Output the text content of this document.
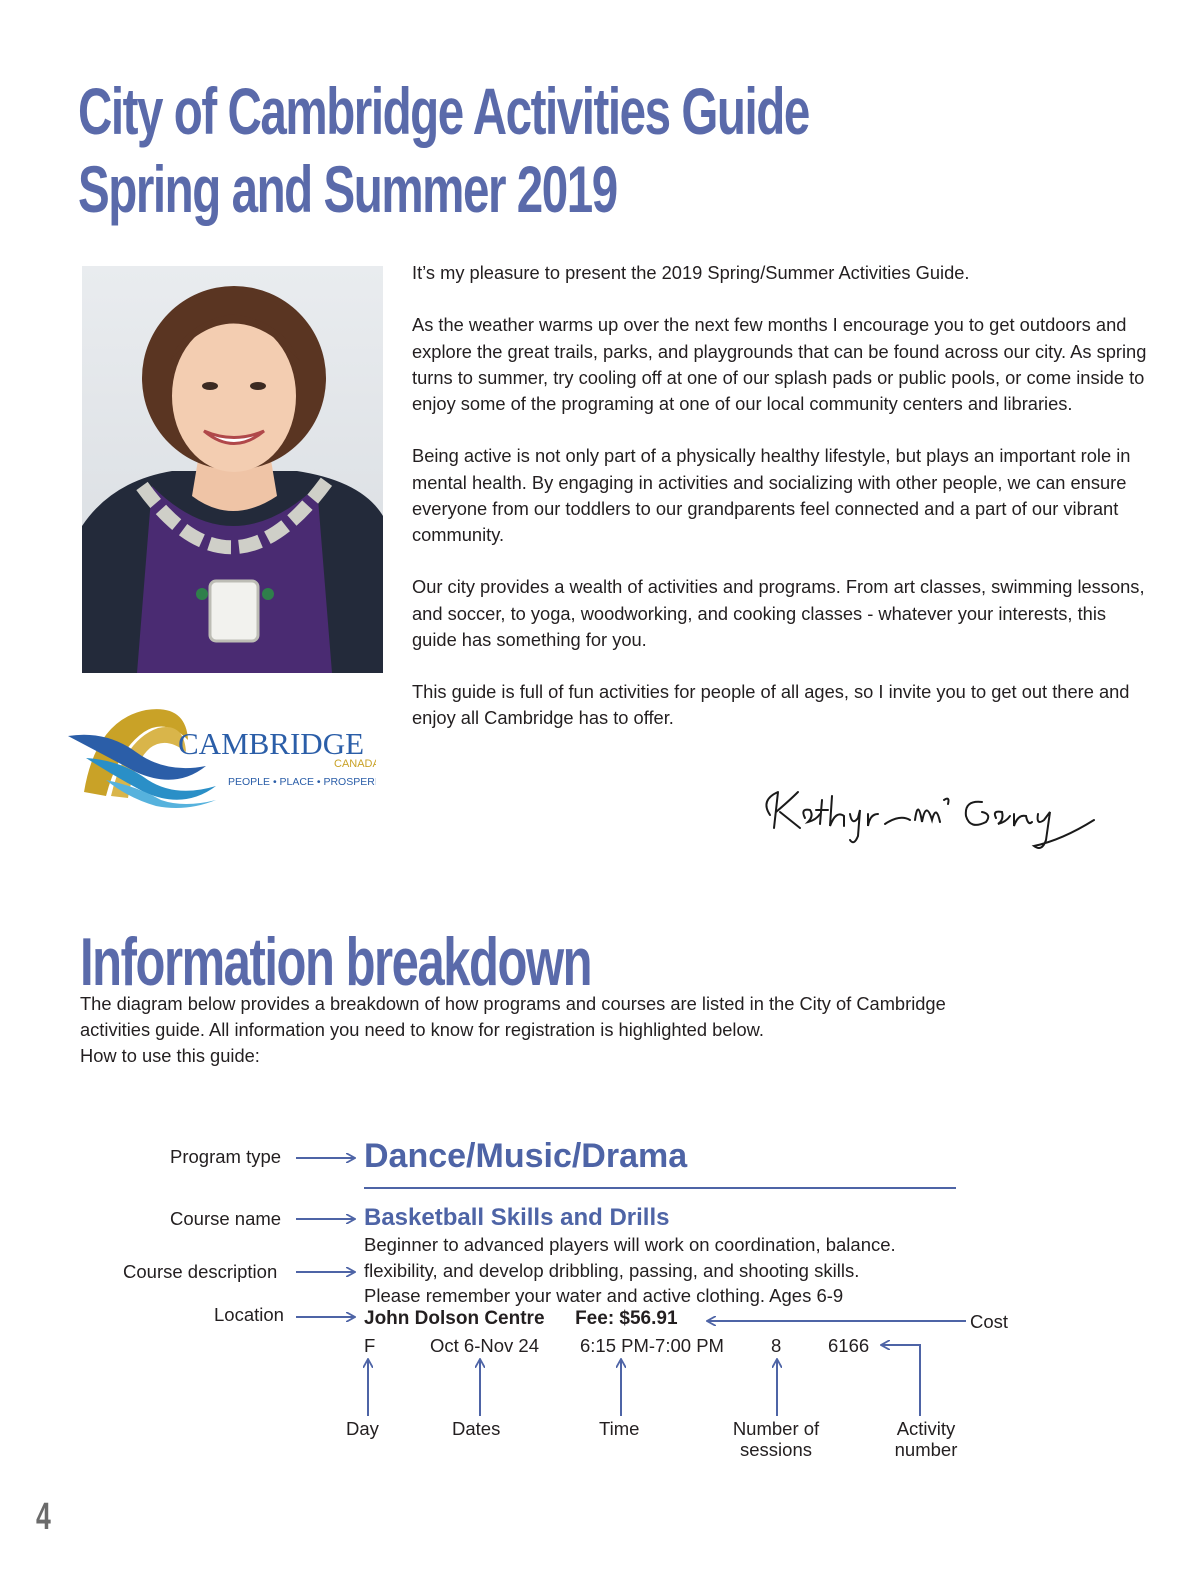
City of Cambridge Activities Guide
Spring and Summer 2019
CAMBRIDGE
CANADA
PEOPLE • PLACE • PROSPERITY

It’s my pleasure to present the 2019 Spring/Summer Activities Guide.

As the weather warms up over the next few months I encourage you to get outdoors and explore the great trails, parks, and playgrounds that can be found across our city. As spring turns to summer, try cooling off at one of our splash pads or public pools, or come inside to enjoy some of the programing at one of our local community centers and libraries.

Being active is not only part of a physically healthy lifestyle, but plays an important role in mental health. By engaging in activities and socializing with other people, we can ensure everyone from our toddlers to our grandparents feel connected and a part of our vibrant community.

Our city provides a wealth of activities and programs. From art classes, swimming lessons, and soccer, to yoga, woodworking, and cooking classes - whatever your interests, this guide has something for you.

This guide is full of fun activities for people of all ages, so I invite you to get out there and enjoy all Cambridge has to offer.

Information breakdown
The diagram below provides a breakdown of how programs and courses are listed in the City of Cambridge
activities guide. All information you need to know for registration is highlighted below.
How to use this guide:
Program type
Course name
Course description
Location	Cost
Day	Dates	Time	Number of
sessions
Activity
number
Dance/Music/Drama
Basketball Skills and Drills
Beginner to advanced players will work on coordination, balance.
flexibility, and develop dribbling, passing, and shooting skills.
Please remember your water and active clothing. Ages 6-9
John Dolson Centre Fee: $56.91
F	Oct 6-Nov 24 6:15 PM-7:00 PM	8	6166
4
